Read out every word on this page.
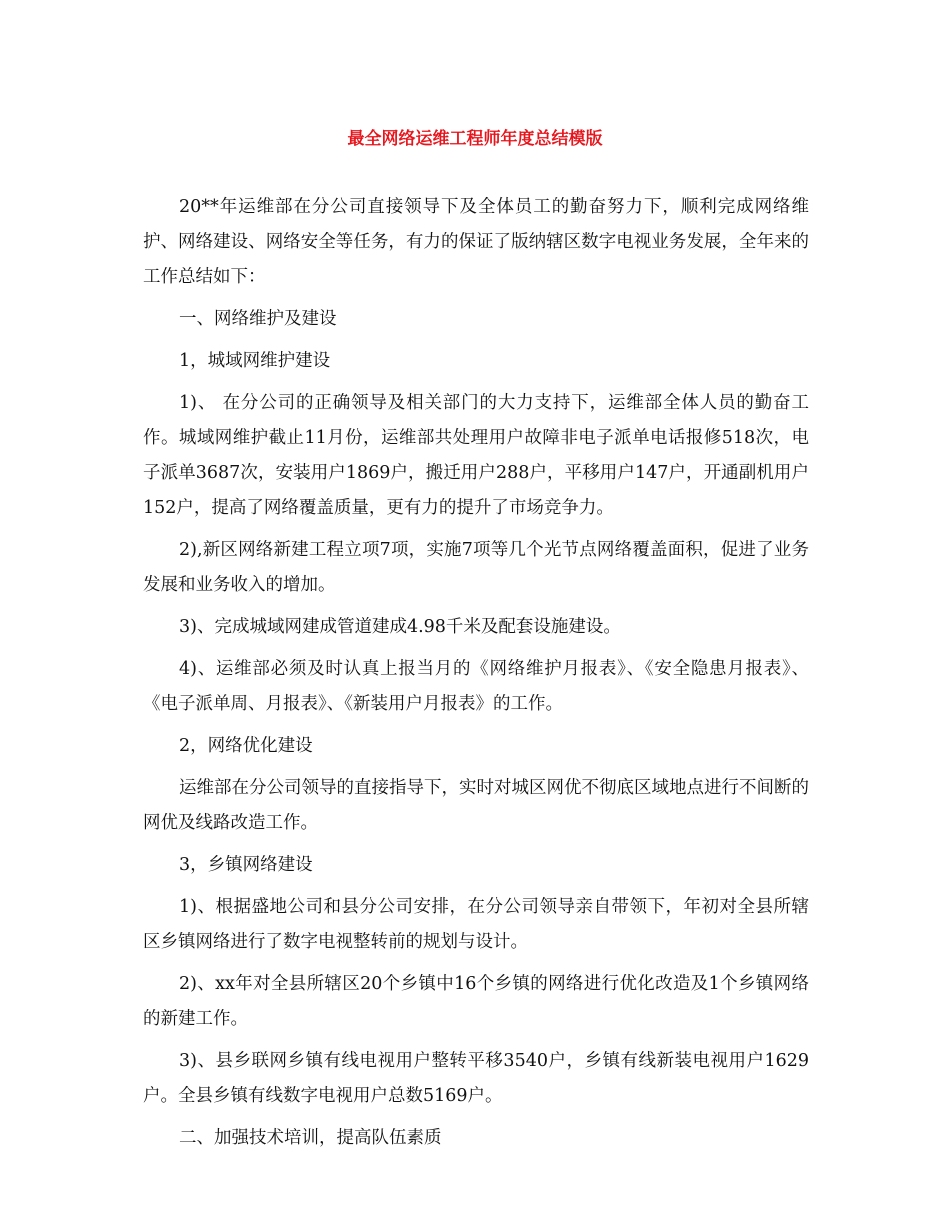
最全网络运维工程师年度总结模版

20**年运维部在分公司直接领导下及全体员工的勤奋努力下，顺利完成网络维护、网络建设、网络安全等任务，有力的保证了版纳辖区数字电视业务发展，全年来的工作总结如下：

一、网络维护及建设

1，城域网维护建设

1)、 在分公司的正确领导及相关部门的大力支持下，运维部全体人员的勤奋工作。城域网维护截止11月份，运维部共处理用户故障非电子派单电话报修518次，电子派单3687次，安装用户1869户，搬迁用户288户，平移用户147户，开通副机用户152户，提高了网络覆盖质量，更有力的提升了市场竞争力。

2),新区网络新建工程立项7项，实施7项等几个光节点网络覆盖面积，促进了业务发展和业务收入的增加。

3)、完成城域网建成管道建成4.98千米及配套设施建设。

4)、运维部必须及时认真上报当月的《网络维护月报表》、《安全隐患月报表》、《电子派单周、月报表》、《新装用户月报表》的工作。

2，网络优化建设

运维部在分公司领导的直接指导下，实时对城区网优不彻底区域地点进行不间断的网优及线路改造工作。

3，乡镇网络建设

1)、根据盛地公司和县分公司安排，在分公司领导亲自带领下，年初对全县所辖区乡镇网络进行了数字电视整转前的规划与设计。

2)、xx年对全县所辖区20个乡镇中16个乡镇的网络进行优化改造及1个乡镇网络的新建工作。

3)、县乡联网乡镇有线电视用户整转平移3540户，乡镇有线新装电视用户1629户。全县乡镇有线数字电视用户总数5169户。

二、加强技术培训，提高队伍素质
